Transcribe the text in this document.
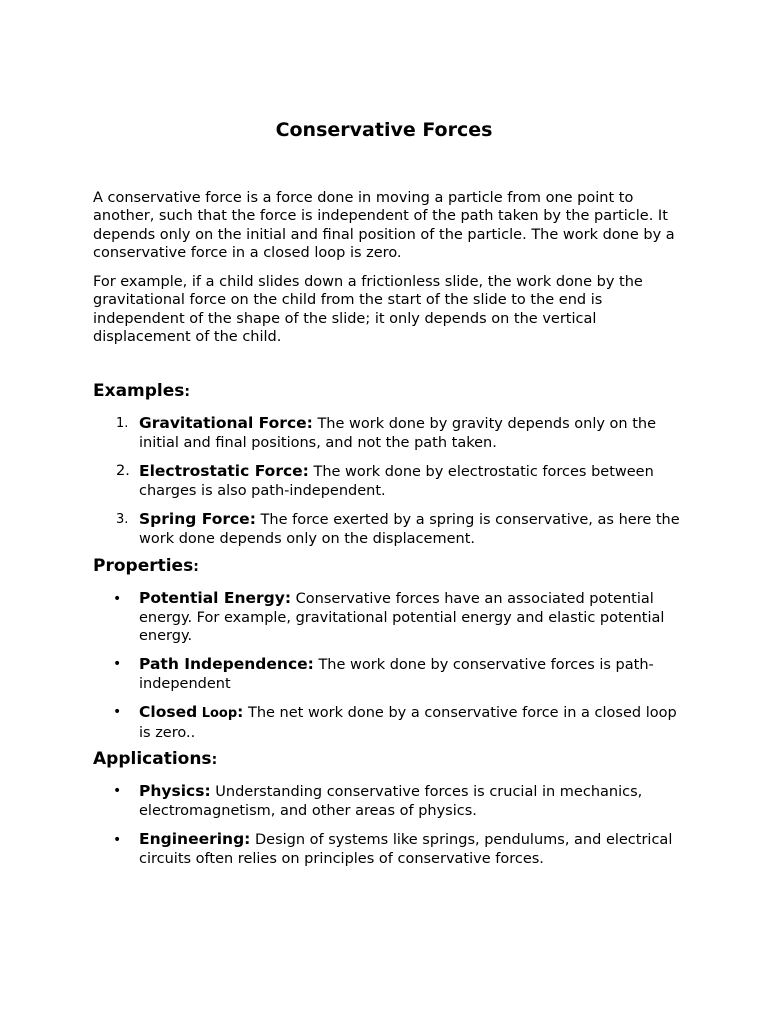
Conservative Forces

A conservative force is a force done in moving a particle from one point to another, such that the force is independent of the path taken by the particle. It depends only on the initial and final position of the particle. The work done by a conservative force in a closed loop is zero.

For example, if a child slides down a frictionless slide, the work done by the gravitational force on the child from the start of the slide to the end is independent of the shape of the slide; it only depends on the vertical displacement of the child.

Examples:
1. Gravitational Force: The work done by gravity depends only on the initial and final positions, and not the path taken.

2. Electrostatic Force: The work done by electrostatic forces between charges is also path-independent.

3. Spring Force: The force exerted by a spring is conservative, as here the work done depends only on the displacement.

Properties:
• Potential Energy: Conservative forces have an associated potential energy. For example, gravitational potential energy and elastic potential energy.

• Path Independence: The work done by conservative forces is path-independent

• Closed Loop: The net work done by a conservative force in a closed loop is zero..

Applications:
• Physics: Understanding conservative forces is crucial in mechanics, electromagnetism, and other areas of physics.

• Engineering: Design of systems like springs, pendulums, and electrical circuits often relies on principles of conservative forces.
